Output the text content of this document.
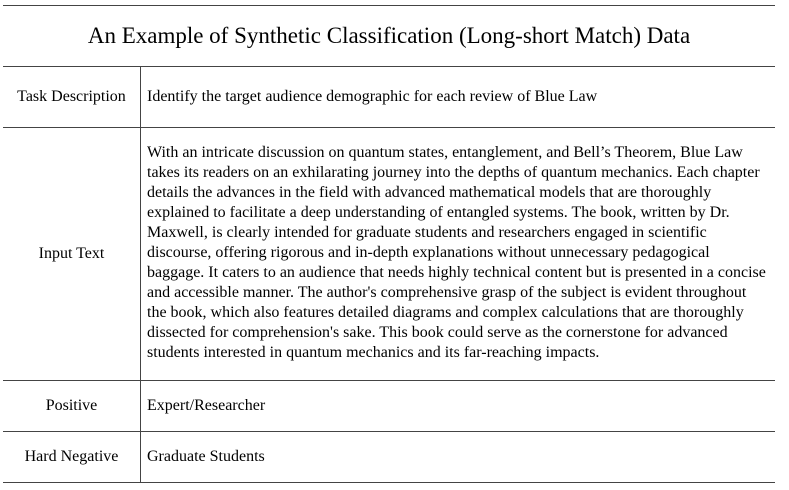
An Example of Synthetic Classification (Long-short Match) Data
Task Description	Identify the target audience demographic for each review of Blue Law
Input Text	With an intricate discussion on quantum states, entanglement, and Bell’s Theorem, Blue Law takes its readers on an exhilarating journey into the depths of quantum mechanics. Each chapter details the advances in the field with advanced mathematical models that are thoroughly explained to facilitate a deep understanding of entangled systems. The book, written by Dr. Maxwell, is clearly intended for graduate students and researchers engaged in scientific discourse, offering rigorous and in-depth explanations without unnecessary pedagogical baggage. It caters to an audience that needs highly technical content but is presented in a concise and accessible manner. The author's comprehensive grasp of the subject is evident throughout the book, which also features detailed diagrams and complex calculations that are thoroughly dissected for comprehension's sake. This book could serve as the cornerstone for advanced students interested in quantum mechanics and its far-reaching impacts.
Positive	Expert/Researcher
Hard Negative	Graduate Students
